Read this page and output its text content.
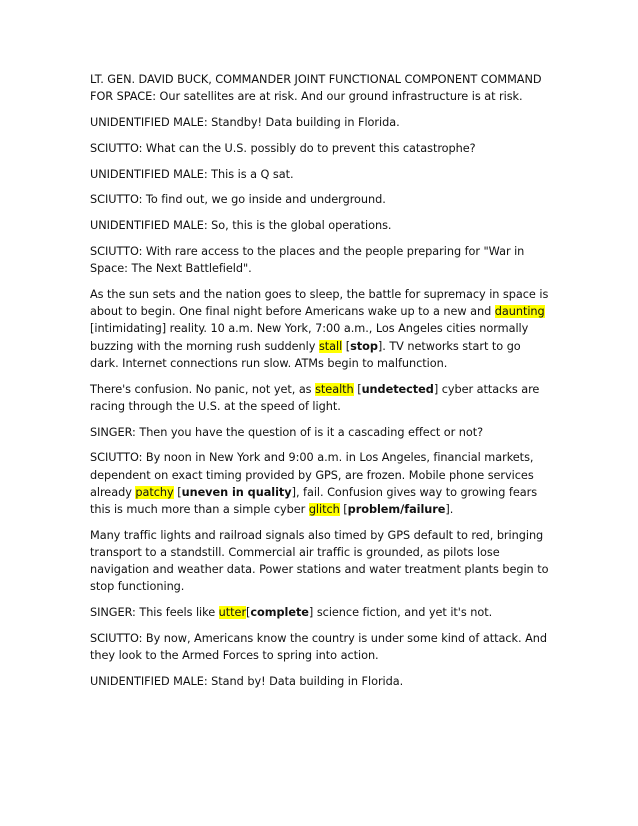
LT. GEN. DAVID BUCK, COMMANDER JOINT FUNCTIONAL COMPONENT COMMAND FOR SPACE: Our satellites are at risk. And our ground infrastructure is at risk.

UNIDENTIFIED MALE: Standby! Data building in Florida.

SCIUTTO: What can the U.S. possibly do to prevent this catastrophe?

UNIDENTIFIED MALE: This is a Q sat.

SCIUTTO: To find out, we go inside and underground.

UNIDENTIFIED MALE: So, this is the global operations.

SCIUTTO: With rare access to the places and the people preparing for "War in Space: The Next Battlefield".

As the sun sets and the nation goes to sleep, the battle for supremacy in space is about to begin. One final night before Americans wake up to a new and daunting [intimidating] reality. 10 a.m. New York, 7:00 a.m., Los Angeles cities normally buzzing with the morning rush suddenly stall [stop]. TV networks start to go dark. Internet connections run slow. ATMs begin to malfunction.

There's confusion. No panic, not yet, as stealth [undetected] cyber attacks are racing through the U.S. at the speed of light.

SINGER: Then you have the question of is it a cascading effect or not?

SCIUTTO: By noon in New York and 9:00 a.m. in Los Angeles, financial markets, dependent on exact timing provided by GPS, are frozen. Mobile phone services already patchy [uneven in quality], fail. Confusion gives way to growing fears this is much more than a simple cyber glitch [problem/failure].

Many traffic lights and railroad signals also timed by GPS default to red, bringing transport to a standstill. Commercial air traffic is grounded, as pilots lose navigation and weather data. Power stations and water treatment plants begin to stop functioning.

SINGER: This feels like utter[complete] science fiction, and yet it's not.

SCIUTTO: By now, Americans know the country is under some kind of attack. And they look to the Armed Forces to spring into action.

UNIDENTIFIED MALE: Stand by! Data building in Florida.
